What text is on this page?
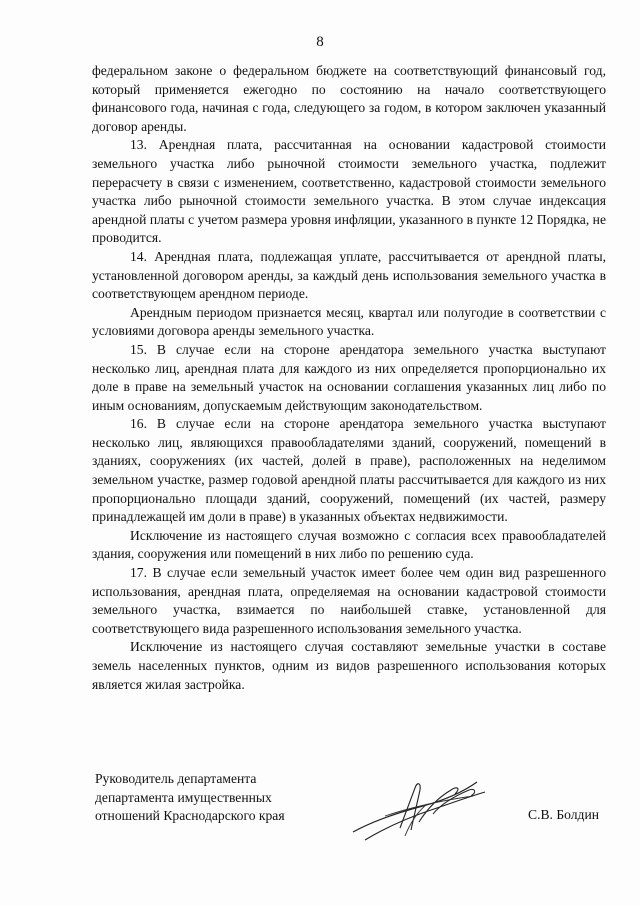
8

федеральном законе о федеральном бюджете на соответствующий финансовый год, который применяется ежегодно по состоянию на начало соответствующего финансового года, начиная с года, следующего за годом, в котором заключен указанный договор аренды.

13. Арендная плата, рассчитанная на основании кадастровой стоимости земельного участка либо рыночной стоимости земельного участка, подлежит перерасчету в связи с изменением, соответственно, кадастровой стоимости земельного участка либо рыночной стоимости земельного участка. В этом случае индексация арендной платы с учетом размера уровня инфляции, указанного в пункте 12 Порядка, не проводится.

14. Арендная плата, подлежащая уплате, рассчитывается от арендной платы, установленной договором аренды, за каждый день использования земельного участка в соответствующем арендном периоде.

Арендным периодом признается месяц, квартал или полугодие в соответствии с условиями договора аренды земельного участка.

15. В случае если на стороне арендатора земельного участка выступают несколько лиц, арендная плата для каждого из них определяется пропорционально их доле в праве на земельный участок на основании соглашения указанных лиц либо по иным основаниям, допускаемым действующим законодательством.

16. В случае если на стороне арендатора земельного участка выступают несколько лиц, являющихся правообладателями зданий, сооружений, помещений в зданиях, сооружениях (их частей, долей в праве), расположенных на неделимом земельном участке, размер годовой арендной платы рассчитывается для каждого из них пропорционально площади зданий, сооружений, помещений (их частей, размеру принадлежащей им доли в праве) в указанных объектах недвижимости.

Исключение из настоящего случая возможно с согласия всех правообладателей здания, сооружения или помещений в них либо по решению суда.

17. В случае если земельный участок имеет более чем один вид разрешенного использования, арендная плата, определяемая на основании кадастровой стоимости земельного участка, взимается по наибольшей ставке, установленной для соответствующего вида разрешенного использования земельного участка.

Исключение из настоящего случая составляют земельные участки в составе земель населенных пунктов, одним из видов разрешенного использования которых является жилая застройка.

Руководитель департамента
департамента имущественных
отношений Краснодарского края	С.В. Болдин
